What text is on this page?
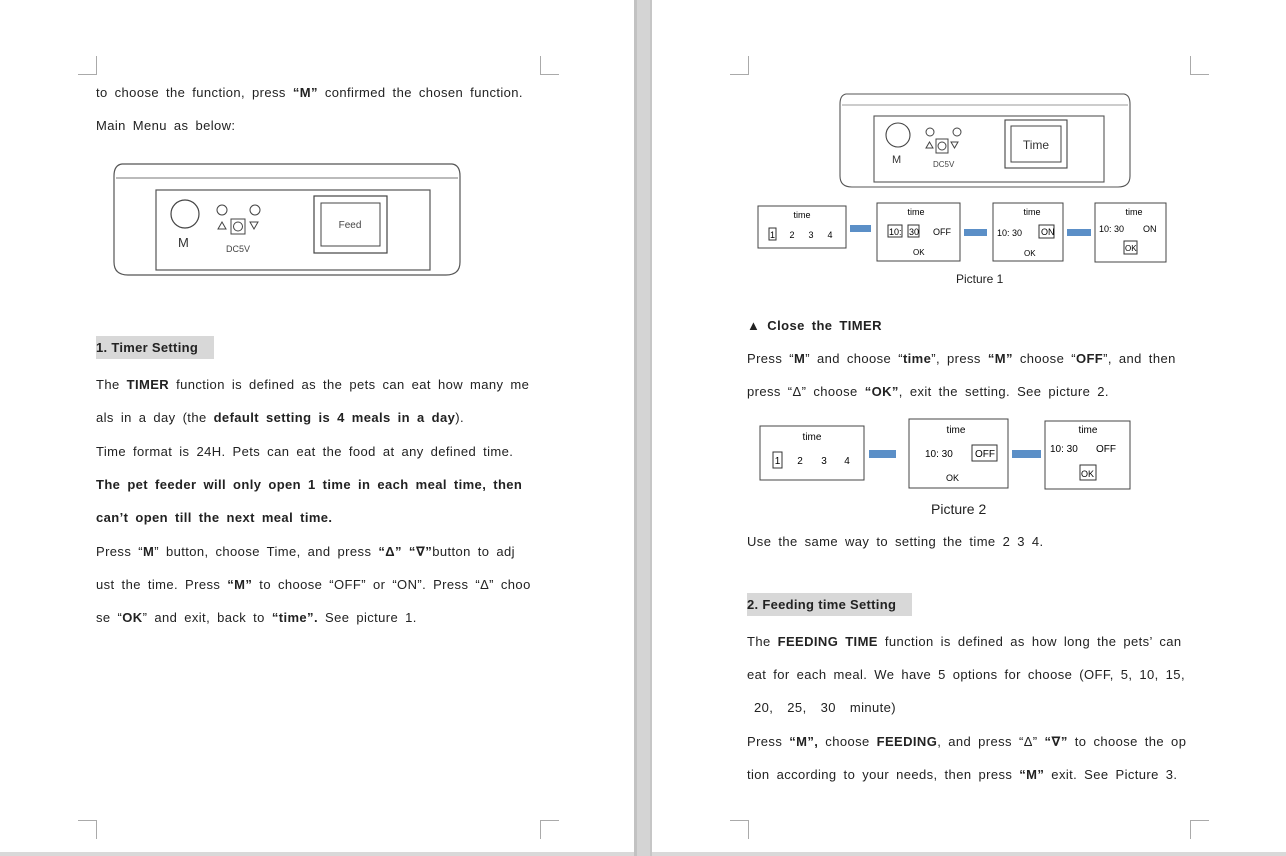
to choose the function, press “M” confirmed the chosen function.
Main Menu as below:
M	DC5V
Feed
1. Timer Setting
The TIMER function is defined as the pets can eat how many me
als in a day (the default setting is 4 meals in a day).
Time format is 24H. Pets can eat the food at any defined time.
The pet feeder will only open 1 time in each meal time, then
can’t open till the next meal time.
Press “M” button, choose Time, and press “Δ” “∇”button to adj
ust the time. Press “M” to choose “OFF” or “ON”. Press “Δ” choo
se “OK” and exit, back to “time”. See picture 1.
M	DC5V
Time
time
1 2 3 4
time
10: 30 OFF
OK
time
10: 30 ON
OK
time
10: 30 ON
OK
Picture 1
▲ Close the TIMER
Press “M” and choose “time”, press “M” choose “OFF”, and then
press “Δ” choose “OK”, exit the setting. See picture 2.
time
1 2 3 4
time
10: 30 OFF
OK
time
10: 30 OFF
OK
Picture 2
Use the same way to setting the time 2 3 4.
2. Feeding time Setting
The FEEDING TIME function is defined as how long the pets’ can
eat for each meal. We have 5 options for choose (OFF, 5, 10, 15,
20,  25,  30  minute)
Press “M”, choose FEEDING, and press “Δ” “∇” to choose the op
tion according to your needs, then press “M” exit. See Picture 3.
